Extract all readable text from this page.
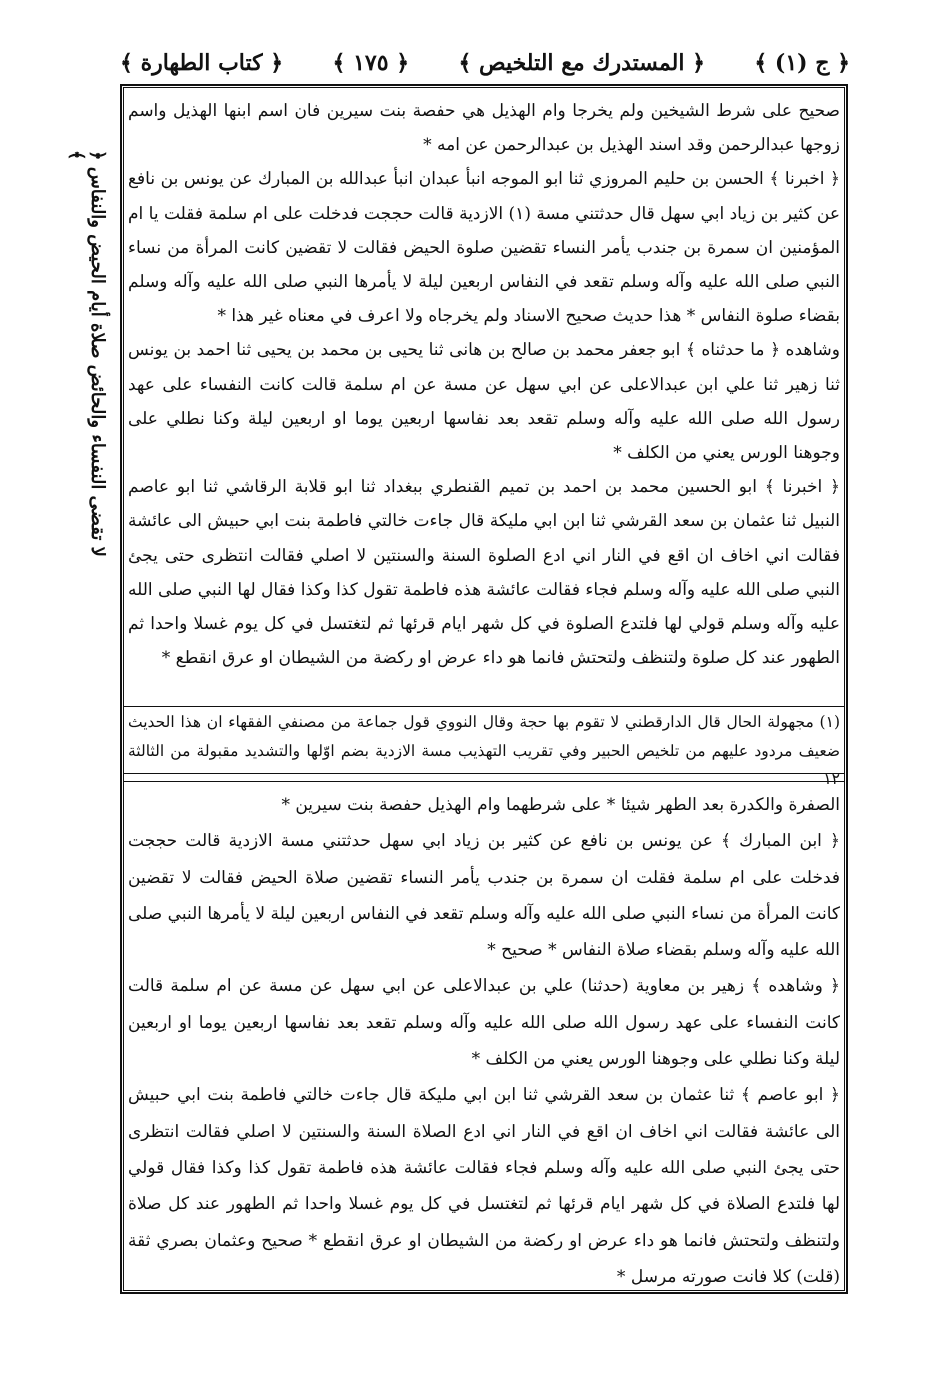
﴿ ج (١) ﴾
﴿ المستدرك مع التلخيص ﴾
﴿ ١٧٥ ﴾
﴿ كتاب الطهارة ﴾
﴿ لا تقضى النفساء والحائض صلاة أيام الحيض والنفاس ﴾

صحيح على شرط الشيخين ولم يخرجا وام الهذيل هي حفصة بنت سيرين فان اسم ابنها الهذيل واسم زوجها عبدالرحمن وقد اسند الهذيل بن عبدالرحمن عن امه *

﴿ اخبرنا ﴾ الحسن بن حليم المروزي ثنا ابو الموجه انبأ عبدان انبأ عبدالله بن المبارك عن يونس بن نافع عن كثير بن زياد ابي سهل قال حدثتني مسة (١) الازدية قالت حججت فدخلت على ام سلمة فقلت يا ام المؤمنين ان سمرة بن جندب يأمر النساء تقضين صلوة الحيض فقالت لا تقضين كانت المرأة من نساء النبي صلى الله عليه وآله وسلم تقعد في النفاس اربعين ليلة لا يأمرها النبي صلى الله عليه وآله وسلم بقضاء صلوة النفاس * هذا حديث صحيح الاسناد ولم يخرجاه ولا اعرف في معناه غير هذا *

وشاهده ﴿ ما حدثناه ﴾ ابو جعفر محمد بن صالح بن هانى ثنا يحيى بن محمد بن يحيى ثنا احمد بن يونس ثنا زهير ثنا علي ابن عبدالاعلى عن ابي سهل عن مسة عن ام سلمة قالت كانت النفساء على عهد رسول الله صلى الله عليه وآله وسلم تقعد بعد نفاسها اربعين يوما او اربعين ليلة وكنا نطلي على وجوهنا الورس يعني من الكلف *

﴿ اخبرنا ﴾ ابو الحسين محمد بن احمد بن تميم القنطري ببغداد ثنا ابو قلابة الرقاشي ثنا ابو عاصم النبيل ثنا عثمان بن سعد القرشي ثنا ابن ابي مليكة قال جاءت خالتي فاطمة بنت ابي حبيش الى عائشة فقالت اني اخاف ان اقع في النار اني ادع الصلوة السنة والسنتين لا اصلي فقالت انتظرى حتى يجئ النبي صلى الله عليه وآله وسلم فجاء فقالت عائشة هذه فاطمة تقول كذا وكذا فقال لها النبي صلى الله عليه وآله وسلم قولي لها فلتدع الصلوة في كل شهر ايام قرئها ثم لتغتسل في كل يوم غسلا واحدا ثم الطهور عند كل صلوة ولتنظف ولتحتش فانما هو داء عرض او ركضة من الشيطان او عرق انقطع *

(١) مجهولة الحال قال الدارقطني لا تقوم بها حجة وقال النووي قول جماعة من مصنفي الفقهاء ان هذا الحديث ضعيف مردود عليهم من تلخيص الحبير وفي تقريب التهذيب مسة الازدية بضم اوّلها والتشديد مقبولة من الثالثة ١٢

الصفرة والكدرة بعد الطهر شيئا * على شرطهما وام الهذيل حفصة بنت سيرين *

﴿ ابن المبارك ﴾ عن يونس بن نافع عن كثير بن زياد ابي سهل حدثتني مسة الازدية قالت حججت فدخلت على ام سلمة فقلت ان سمرة بن جندب يأمر النساء تقضين صلاة الحيض فقالت لا تقضين كانت المرأة من نساء النبي صلى الله عليه وآله وسلم تقعد في النفاس اربعين ليلة لا يأمرها النبي صلى الله عليه وآله وسلم بقضاء صلاة النفاس * صحيح *

﴿ وشاهده ﴾ زهير بن معاوية (حدثنا) علي بن عبدالاعلى عن ابي سهل عن مسة عن ام سلمة قالت كانت النفساء على عهد رسول الله صلى الله عليه وآله وسلم تقعد بعد نفاسها اربعين يوما او اربعين ليلة وكنا نطلي على وجوهنا الورس يعني من الكلف *

﴿ ابو عاصم ﴾ ثنا عثمان بن سعد القرشي ثنا ابن ابي مليكة قال جاءت خالتي فاطمة بنت ابي حبيش الى عائشة فقالت اني اخاف ان اقع في النار اني ادع الصلاة السنة والسنتين لا اصلي فقالت انتظرى حتى يجئ النبي صلى الله عليه وآله وسلم فجاء فقالت عائشة هذه فاطمة تقول كذا وكذا فقال قولي لها فلتدع الصلاة في كل شهر ايام قرئها ثم لتغتسل في كل يوم غسلا واحدا ثم الطهور عند كل صلاة ولتنظف ولتحتش فانما هو داء عرض او ركضة من الشيطان او عرق انقطع * صحيح وعثمان بصري ثقة (قلت) كلا فانت صورته مرسل *
